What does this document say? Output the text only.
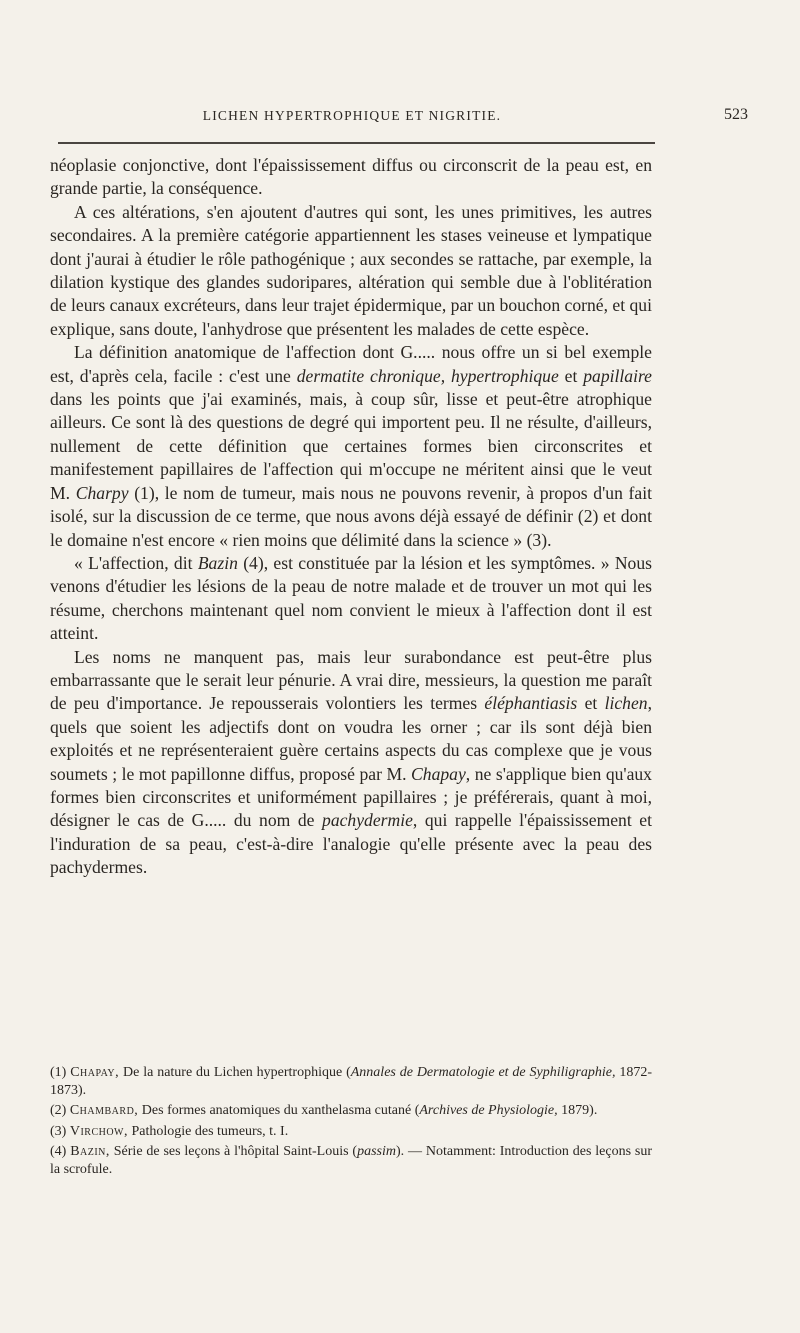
LICHEN HYPERTROPHIQUE ET NIGRITIE.	523

néoplasie conjonctive, dont l'épaississement diffus ou circonscrit de la peau est, en grande partie, la conséquence.

A ces altérations, s'en ajoutent d'autres qui sont, les unes primitives, les autres secondaires. A la première catégorie appartiennent les stases veineuse et lympatique dont j'aurai à étudier le rôle pathogénique ; aux secondes se rattache, par exemple, la dilation kystique des glandes sudoripares, altération qui semble due à l'oblitération de leurs canaux excréteurs, dans leur trajet épidermique, par un bouchon corné, et qui explique, sans doute, l'anhydrose que présentent les malades de cette espèce.

La définition anatomique de l'affection dont G..... nous offre un si bel exemple est, d'après cela, facile : c'est une dermatite chronique, hypertrophique et papillaire dans les points que j'ai examinés, mais, à coup sûr, lisse et peut-être atrophique ailleurs. Ce sont là des questions de degré qui importent peu. Il ne résulte, d'ailleurs, nullement de cette définition que certaines formes bien circonscrites et manifestement papillaires de l'affection qui m'occupe ne méritent ainsi que le veut M. Charpy (1), le nom de tumeur, mais nous ne pouvons revenir, à propos d'un fait isolé, sur la discussion de ce terme, que nous avons déjà essayé de définir (2) et dont le domaine n'est encore « rien moins que délimité dans la science » (3).

« L'affection, dit Bazin (4), est constituée par la lésion et les symptômes. » Nous venons d'étudier les lésions de la peau de notre malade et de trouver un mot qui les résume, cherchons maintenant quel nom convient le mieux à l'affection dont il est atteint.

Les noms ne manquent pas, mais leur surabondance est peut-être plus embarrassante que le serait leur pénurie. A vrai dire, messieurs, la question me paraît de peu d'importance. Je repousserais volontiers les termes éléphantiasis et lichen, quels que soient les adjectifs dont on voudra les orner ; car ils sont déjà bien exploités et ne représenteraient guère certains aspects du cas complexe que je vous soumets ; le mot papillonne diffus, proposé par M. Chapay, ne s'applique bien qu'aux formes bien circonscrites et uniformément papillaires ; je préférerais, quant à moi, désigner le cas de G..... du nom de pachydermie, qui rappelle l'épaississement et l'induration de sa peau, c'est-à-dire l'analogie qu'elle présente avec la peau des pachydermes.

(1) Chapay, De la nature du Lichen hypertrophique (Annales de Dermatologie et de Syphiligraphie, 1872-1873).

(2) Chambard, Des formes anatomiques du xanthelasma cutané (Archives de Physiologie, 1879).

(3) Virchow, Pathologie des tumeurs, t. I.

(4) Bazin, Série de ses leçons à l'hôpital Saint-Louis (passim). — Notamment: Introduction des leçons sur la scrofule.
